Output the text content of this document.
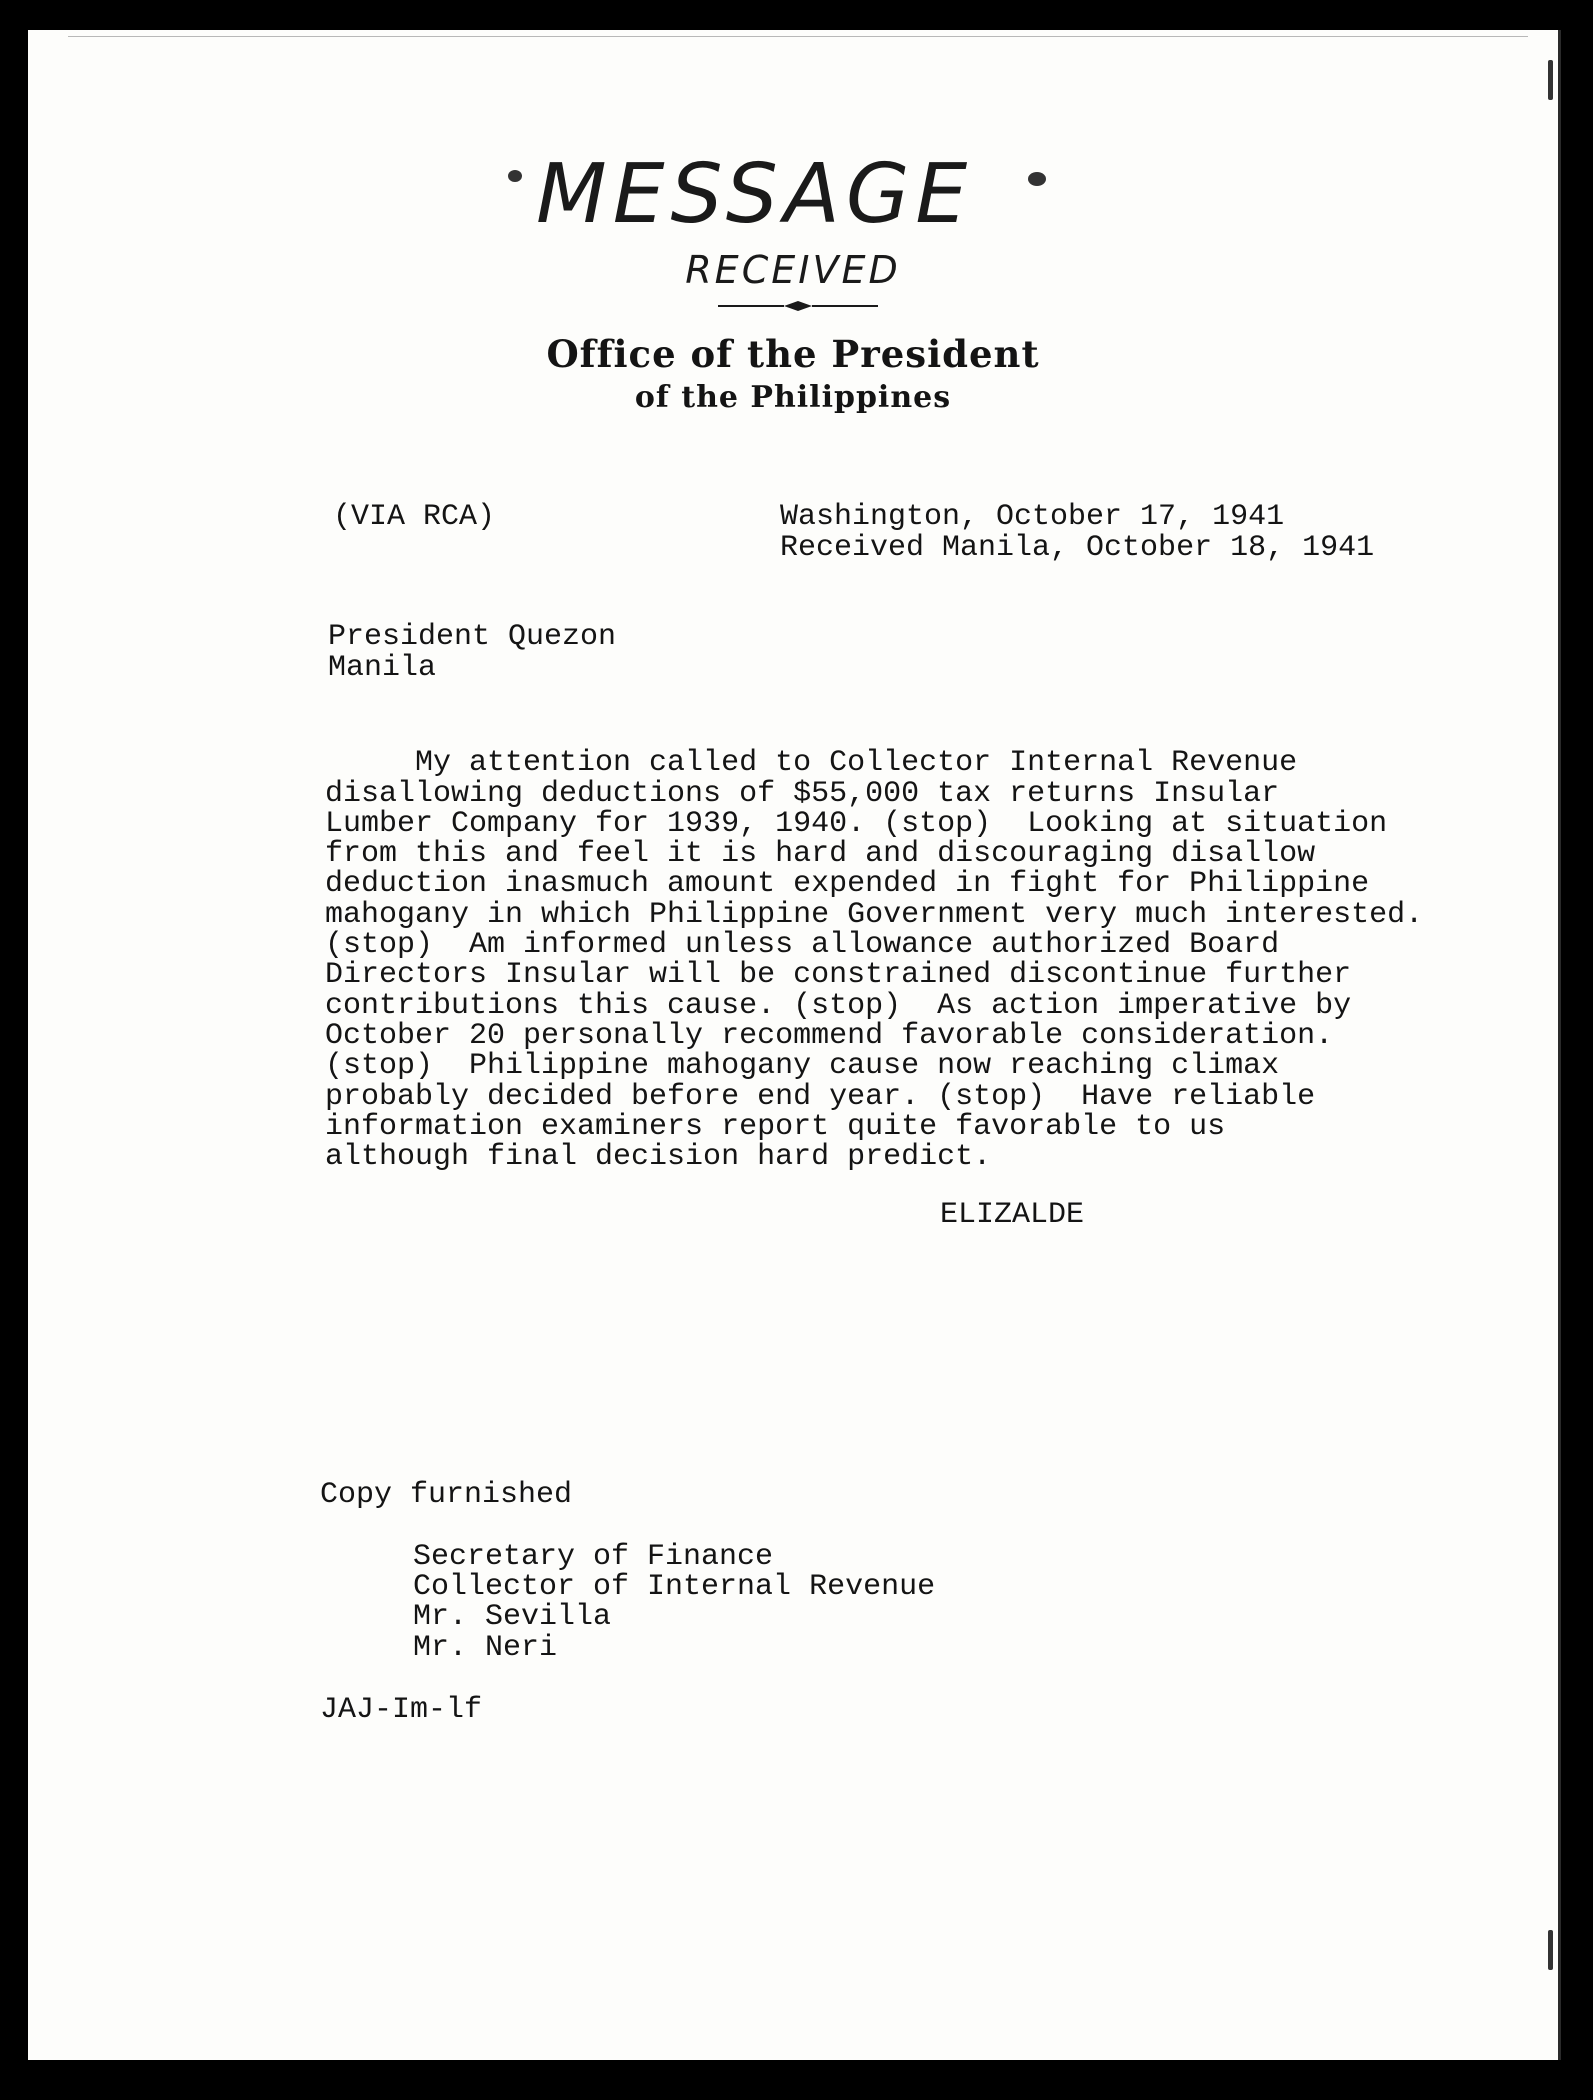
MESSAGE
RECEIVED
Office of the President
of the Philippines
(VIA RCA)	Washington, October 17, 1941
Received Manila, October 18, 1941
President Quezon
Manila

My attention called to Collector Internal Revenue
disallowing deductions of $55,000 tax returns Insular
Lumber Company for 1939, 1940. (stop)  Looking at situation
from this and feel it is hard and discouraging disallow
deduction inasmuch amount expended in fight for Philippine
mahogany in which Philippine Government very much interested.
(stop)  Am informed unless allowance authorized Board
Directors Insular will be constrained discontinue further
contributions this cause. (stop)  As action imperative by
October 20 personally recommend favorable consideration.
(stop)  Philippine mahogany cause now reaching climax
probably decided before end year. (stop)  Have reliable
information examiners report quite favorable to us
although final decision hard predict.

ELIZALDE
Copy furnished
Secretary of Finance
Collector of Internal Revenue
Mr. Sevilla
Mr. Neri
JAJ-Im-lf
